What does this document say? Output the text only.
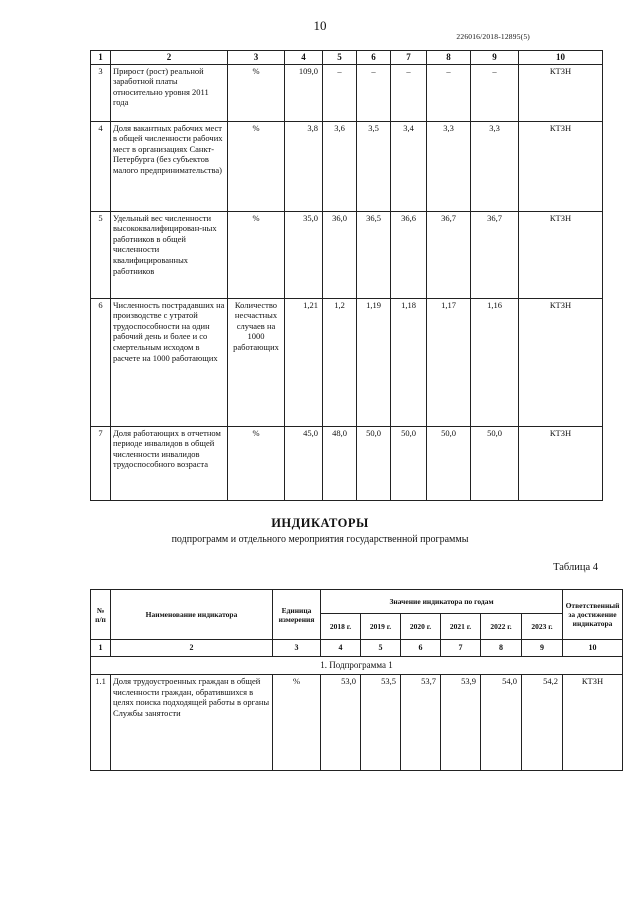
10
226016/2018-12895(5)
1	2	3	4	5	6	7	8	9	10
3	Прирост (рост) реальной заработной платы относительно уровня 2011 года	%	109,0	–	–	–	–	–	КТЗН
4	Доля вакантных рабочих мест в общей численности рабочих мест в организациях Санкт-Петербурга (без субъектов малого предпринимательства)	%	3,8	3,6	3,5	3,4	3,3	3,3	КТЗН
5	Удельный вес численности высококвалифицирован-ных работников в общей численности квалифицированных работников	%	35,0	36,0	36,5	36,6	36,7	36,7	КТЗН
6	Численность пострадавших на производстве с утратой трудоспособности на один рабочий день и более и со смертельным исходом в расчете на 1000 работающих	Количество несчастных случаев на 1000 работающих	1,21	1,2	1,19	1,18	1,17	1,16	КТЗН
7	Доля работающих в отчетном периоде инвалидов в общей численности инвалидов трудоспособного возраста	%	45,0	48,0	50,0	50,0	50,0	50,0	КТЗН
ИНДИКАТОРЫ
подпрограмм и отдельного мероприятия государственной программы
Таблица 4
№ п/п	Наименование индикатора	Единица измерения	Значение индикатора по годам						Ответственный за достижение индикатора
			2018 г.	2019 г.	2020 г.	2021 г.	2022 г.	2023 г.	
1	2	3	4	5	6	7	8	9	10
1. Подпрограмма 1									
1.1	Доля трудоустроенных граждан в общей численности граждан, обратившихся в целях поиска подходящей работы в органы Службы занятости	%	53,0	53,5	53,7	53,9	54,0	54,2	КТЗН
